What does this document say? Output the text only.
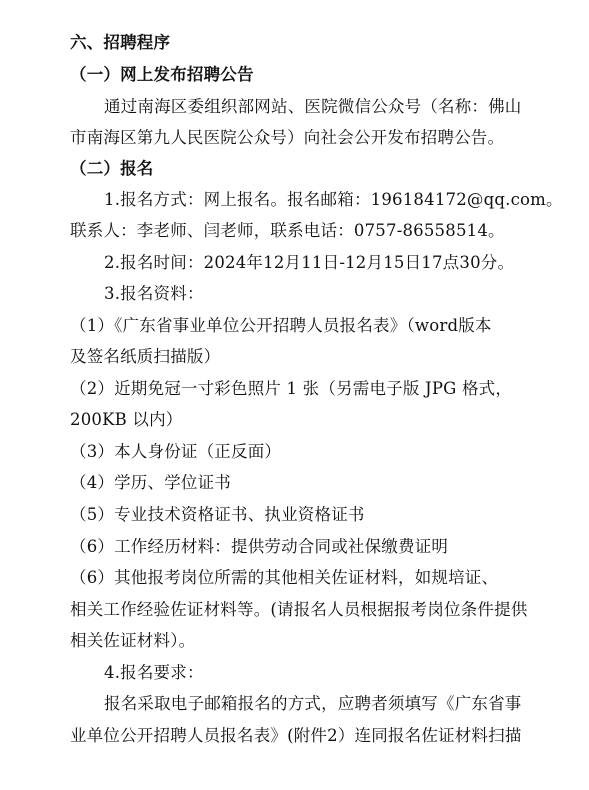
六、招聘程序
（一）网上发布招聘公告
通过南海区委组织部网站、医院微信公众号（名称：佛山
市南海区第九人民医院公众号）向社会公开发布招聘公告。
（二）报名
1.报名方式：网上报名。报名邮箱：196184172@qq.com。
联系人：李老师、闫老师，联系电话：0757-86558514。
2.报名时间：2024年12月11日-12月15日17点30分。
3.报名资料：
（1）《广东省事业单位公开招聘人员报名表》（word版本
及签名纸质扫描版）
（2）近期免冠一寸彩色照片 1 张（另需电子版 JPG 格式，
200KB 以内）
（3）本人身份证（正反面）
（4）学历、学位证书
（5）专业技术资格证书、执业资格证书
（6）工作经历材料：提供劳动合同或社保缴费证明
（6）其他报考岗位所需的其他相关佐证材料，如规培证、
相关工作经验佐证材料等。(请报名人员根据报考岗位条件提供
相关佐证材料）。
4.报名要求：
报名采取电子邮箱报名的方式，应聘者须填写《广东省事
业单位公开招聘人员报名表》(附件2）连同报名佐证材料扫描
